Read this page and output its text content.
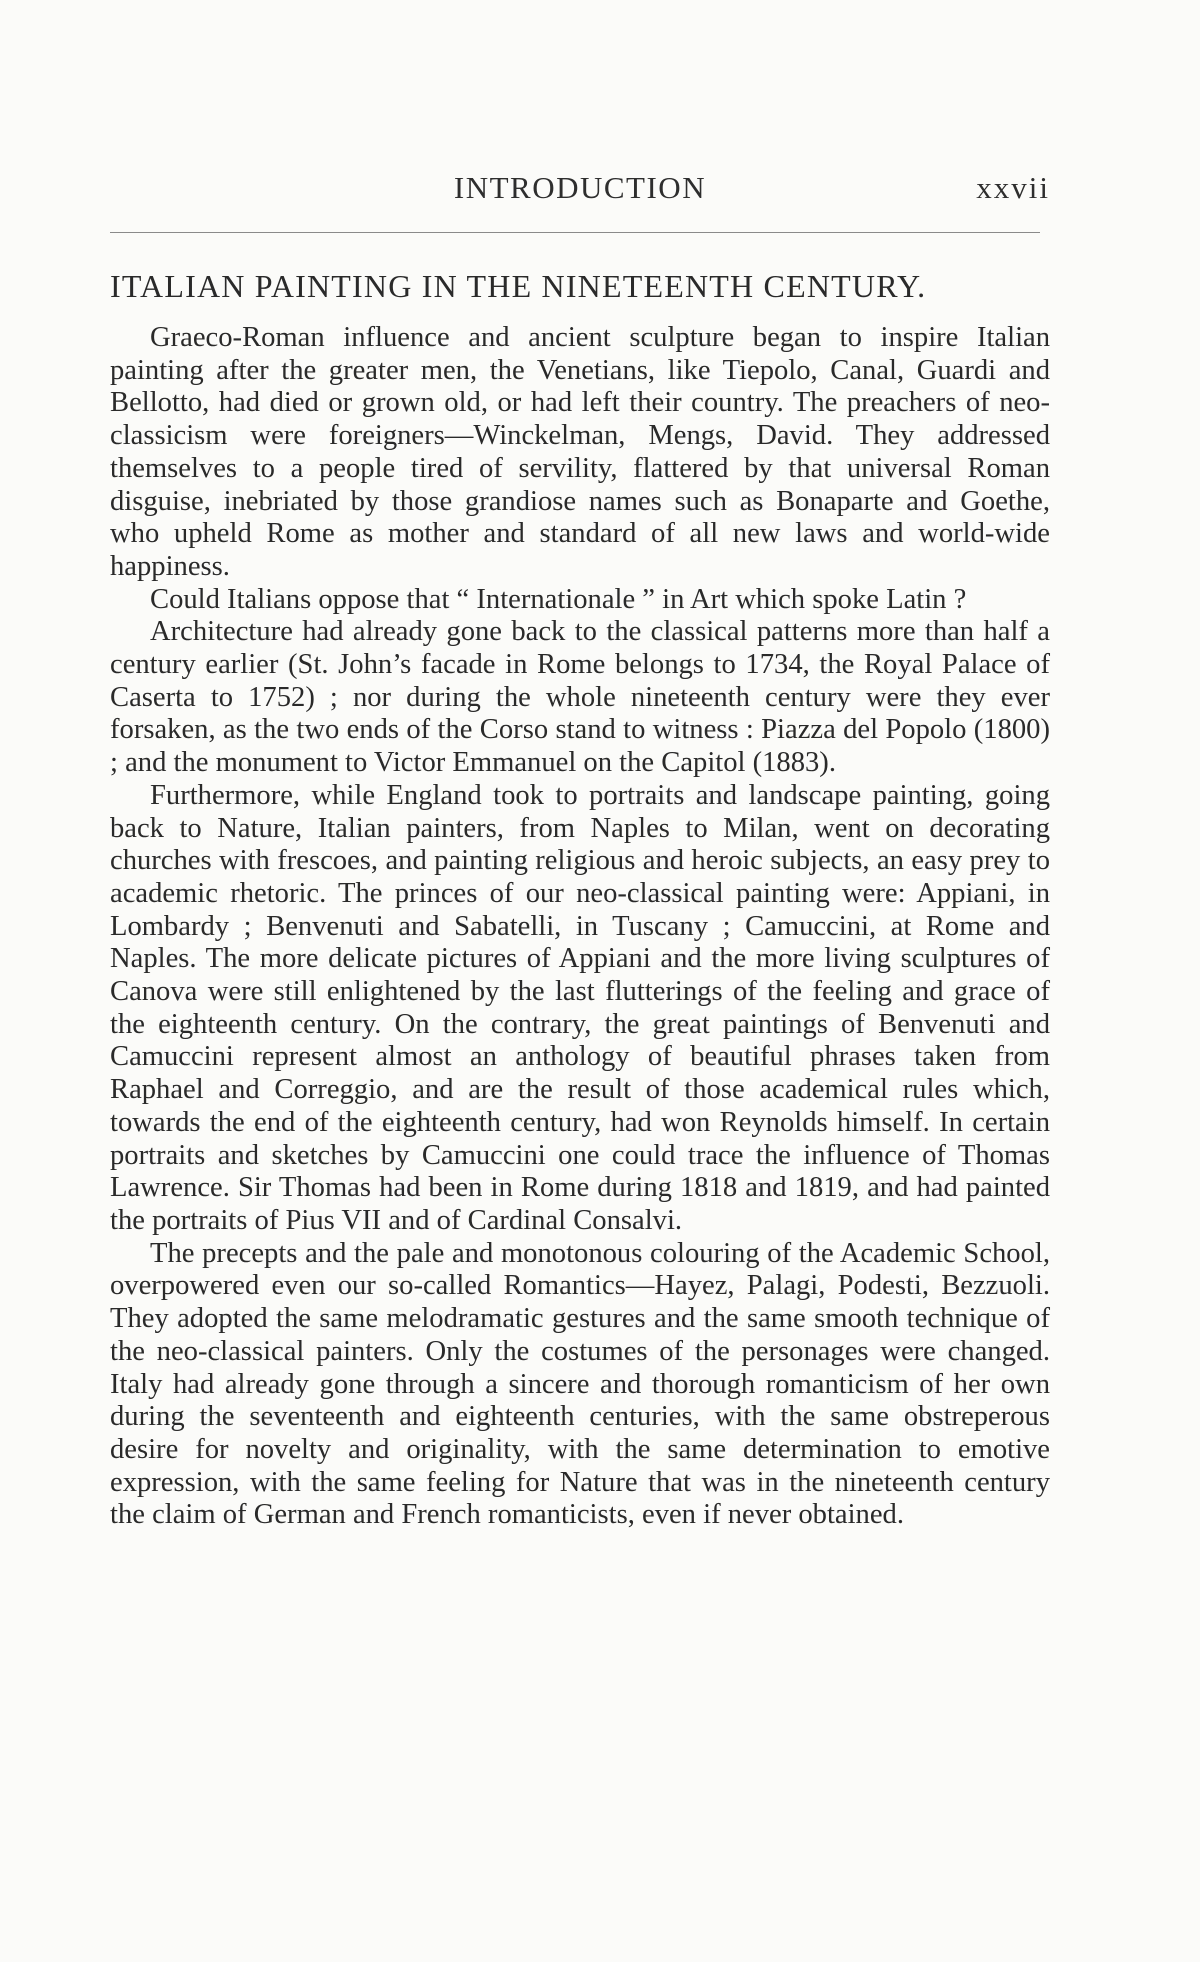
INTRODUCTION	xxvii
ITALIAN PAINTING IN THE NINETEENTH CENTURY.

Graeco-Roman influence and ancient sculpture began to inspire Italian painting after the greater men, the Venetians, like Tiepolo, Canal, Guardi and Bellotto, had died or grown old, or had left their country. The preachers of neo-classicism were foreigners—Winckelman, Mengs, David. They addressed themselves to a people tired of servility, flattered by that universal Roman disguise, inebriated by those grandiose names such as Bonaparte and Goethe, who upheld Rome as mother and standard of all new laws and world-wide happiness.

Could Italians oppose that “ Internationale ” in Art which spoke Latin ?

Architecture had already gone back to the classical patterns more than half a century earlier (St. John’s facade in Rome belongs to 1734, the Royal Palace of Caserta to 1752) ; nor during the whole nineteenth century were they ever forsaken, as the two ends of the Corso stand to witness : Piazza del Popolo (1800) ; and the monument to Victor Emmanuel on the Capitol (1883).

Furthermore, while England took to portraits and landscape painting, going back to Nature, Italian painters, from Naples to Milan, went on decorating churches with frescoes, and painting religious and heroic subjects, an easy prey to academic rhetoric. The princes of our neo-classical painting were: Appiani, in Lombardy ; Benvenuti and Sabatelli, in Tuscany ; Camuccini, at Rome and Naples. The more delicate pictures of Appiani and the more living sculptures of Canova were still enlightened by the last flutterings of the feeling and grace of the eighteenth century. On the contrary, the great paintings of Benvenuti and Camuccini represent almost an anthology of beautiful phrases taken from Raphael and Correggio, and are the result of those academical rules which, towards the end of the eighteenth century, had won Reynolds himself. In certain portraits and sketches by Camuccini one could trace the influence of Thomas Lawrence. Sir Thomas had been in Rome during 1818 and 1819, and had painted the portraits of Pius VII and of Cardinal Consalvi.

The precepts and the pale and monotonous colouring of the Academic School, overpowered even our so-called Romantics—Hayez, Palagi, Podesti, Bezzuoli. They adopted the same melodramatic gestures and the same smooth technique of the neo-classical painters. Only the costumes of the personages were changed. Italy had already gone through a sincere and thorough romanticism of her own during the seventeenth and eighteenth centuries, with the same obstreperous desire for novelty and originality, with the same determination to emotive expression, with the same feeling for Nature that was in the nineteenth century the claim of German and French romanticists, even if never obtained.
